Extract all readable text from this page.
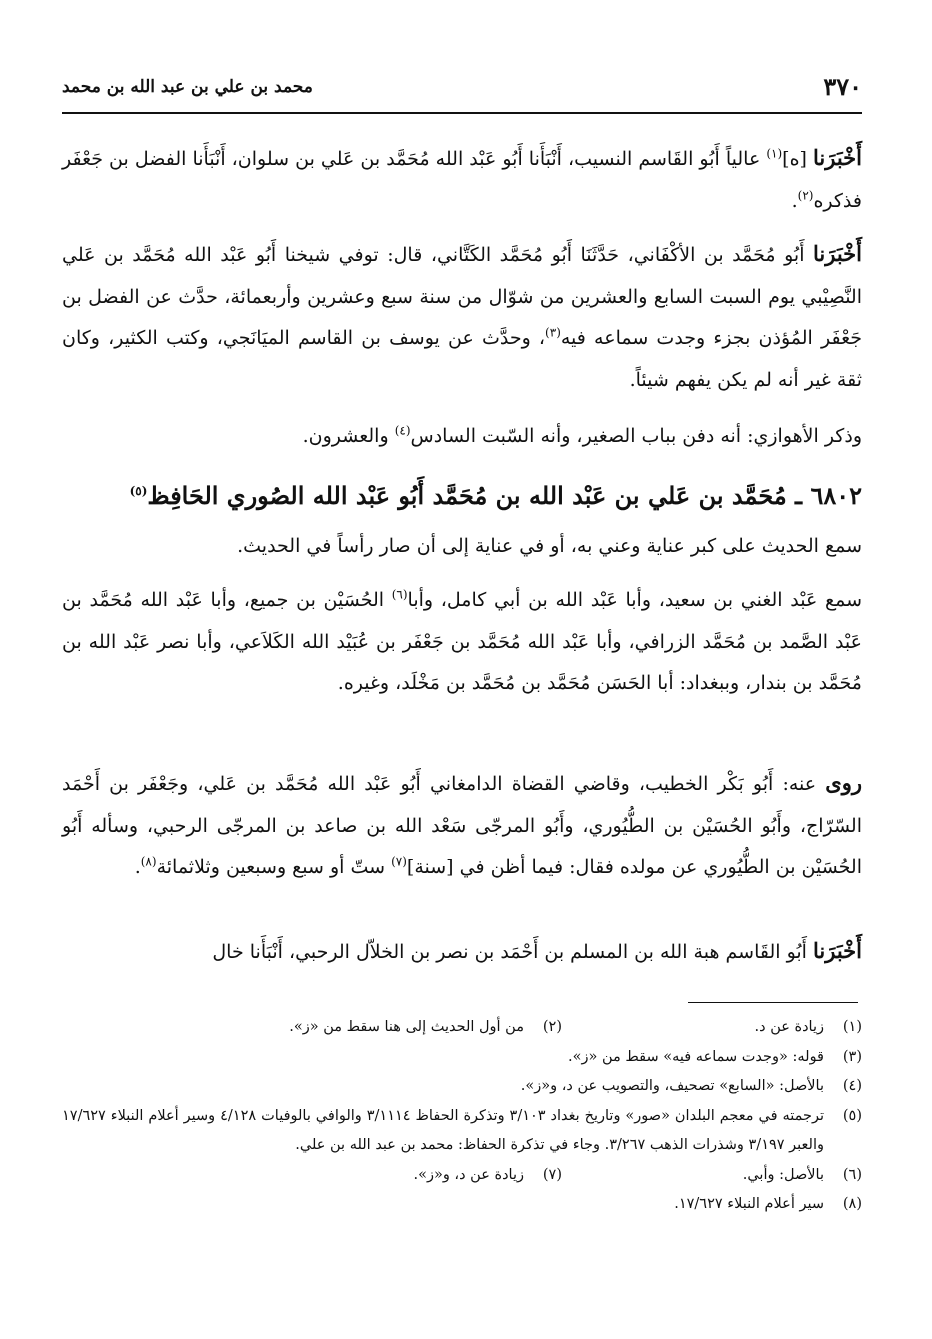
٣٧٠
محمد بن علي بن عبد الله بن محمد

أَخْبَرَنا [ه]$^{(١)}$ عالياً أَبُو القَاسم النسيب، أَنْبَأَنا أَبُو عَبْد الله مُحَمَّد بن عَلي بن سلوان، أَنْبَأَنا الفضل بن جَعْفَر فذكره$^{(٢)}$.

أَخْبَرَنا أَبُو مُحَمَّد بن الأكْفَاني، حَدَّثَنَا أَبُو مُحَمَّد الكَتَّاني، قال: توفي شيخنا أَبُو عَبْد الله مُحَمَّد بن عَلي النَّصِيْبي يوم السبت السابع والعشرين من شوّال من سنة سبع وعشرين وأربعمائة، حدَّث عن الفضل بن جَعْفَر المُؤذن بجزء وجدت سماعه فيه$^{(٣)}$، وحدَّث عن يوسف بن القاسم الميَانَجي، وكتب الكثير، وكان ثقة غير أنه لم يكن يفهم شيئاً.

وذكر الأهوازي: أنه دفن بباب الصغير، وأنه السّبت السادس$^{(٤)}$ والعشرون.

٦٨٠٢ ـ مُحَمَّد بن عَلي بن عَبْد الله بن مُحَمَّد أَبُو عَبْد الله الصُوري الحَافِظ$^{(٥)}$

سمع الحديث على كبر عناية وعني به، أو في عناية إلى أن صار رأساً في الحديث.

سمع عَبْد الغني بن سعيد، وأبا عَبْد الله بن أبي كامل، وأبا$^{(٦)}$ الحُسَيْن بن جميع، وأبا عَبْد الله مُحَمَّد بن عَبْد الصَّمد بن مُحَمَّد الزرافي، وأبا عَبْد الله مُحَمَّد بن جَعْفَر بن عُبَيْد الله الكَلاَعي، وأبا نصر عَبْد الله بن مُحَمَّد بن بندار، وببغداد: أبا الحَسَن مُحَمَّد بن مُحَمَّد بن مَخْلَد، وغيره.

روى عنه: أَبُو بَكْر الخطيب، وقاضي القضاة الدامغاني أَبُو عَبْد الله مُحَمَّد بن عَلي، وجَعْفَر بن أَحْمَد السّرّاج، وأَبُو الحُسَيْن بن الطُّيُوري، وأَبُو المرجّى سَعْد الله بن صاعد بن المرجّى الرحبي، وسأله أَبُو الحُسَيْن بن الطُّيُوري عن مولده فقال: فيما أظن في [سنة]$^{(٧)}$ ستّ أو سبع وسبعين وثلاثمائة$^{(٨)}$.

أَخْبَرَنا أَبُو القَاسم هبة الله بن المسلم بن أَحْمَد بن نصر بن الخلاّل الرحبي، أَنْبَأَنا خال

(١)
زيادة عن د.
(٢)
من أول الحديث إلى هنا سقط من «ز».
(٣)
قوله: «وجدت سماعه فيه» سقط من «ز».
(٤)
بالأصل: «السابع» تصحيف، والتصويب عن د، و«ز».
(٥)
ترجمته في معجم البلدان «صور» وتاريخ بغداد ٣/١٠٣ وتذكرة الحفاظ ٣/١١١٤ والوافي بالوفيات ٤/١٢٨ وسير أعلام النبلاء ١٧/٦٢٧ والعبر ٣/١٩٧ وشذرات الذهب ٣/٢٦٧. وجاء في تذكرة الحفاظ: محمد بن عبد الله بن علي.
(٦)
بالأصل: وأبي.
(٧)
زيادة عن د، و«ز».
(٨)
سير أعلام النبلاء ١٧/٦٢٧.
